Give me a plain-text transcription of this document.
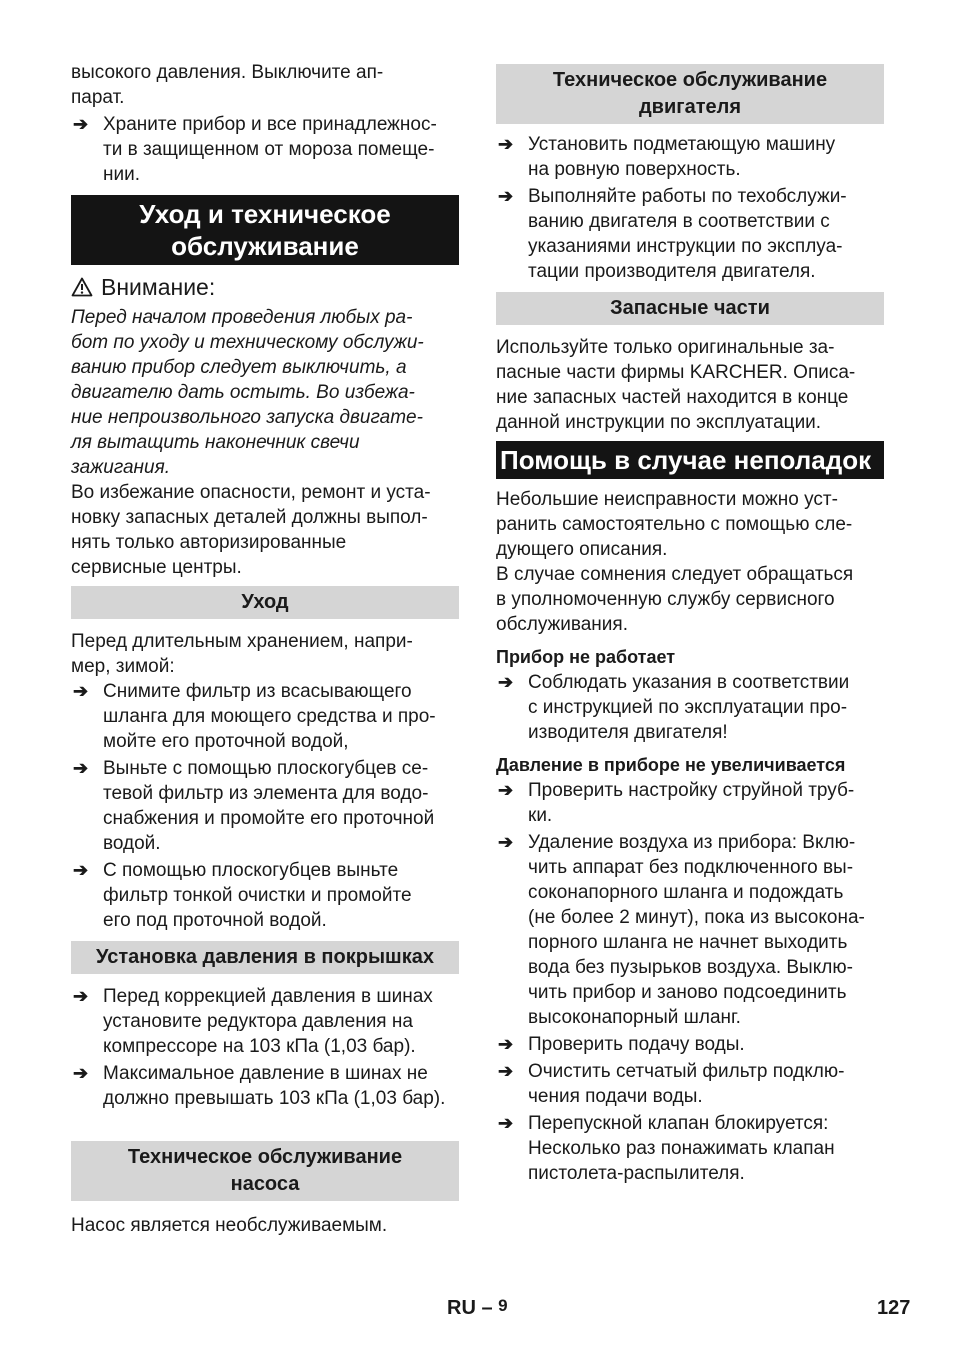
высокого давления. Выключите ап-
парат.

➔ Храните прибор и все принадлежнос-
ти в защищенном от мороза помеще-
нии.
Уход и техническое
обслуживание
Внимание:

Перед началом проведения любых ра-
бот по уходу и техническому обслужи-
ванию прибор следует выключить, а
двигателю дать остыть. Во избежа-
ние непроизвольного запуска двигате-
ля вытащить наконечник свечи
зажигания.

Во избежание опасности, ремонт и уста-
новку запасных деталей должны выпол-
нять только авторизированные
сервисные центры.

Уход

Перед длительным хранением, напри-
мер, зимой:

➔ Снимите фильтр из всасывающего
шланга для моющего средства и про-
мойте его проточной водой,
➔ Выньте с помощью плоскогубцев се-
тевой фильтр из элемента для водо-
снабжения и промойте его проточной
водой.
➔ С помощью плоскогубцев выньте
фильтр тонкой очистки и промойте
его под проточной водой.
Установка давления в покрышках
➔ Перед коррекцией давления в шинах
установите редуктора давления на
компрессоре на 103 кПа (1,03 бар).
➔ Максимальное давление в шинах не
должно превышать 103 кПа (1,03 бар).
Техническое обслуживание
насоса

Насос является необслуживаемым.

Техническое обслуживание
двигателя
➔ Установить подметающую машину
на ровную поверхность.
➔ Выполняйте работы по техобслужи-
ванию двигателя в соответствии с
указаниями инструкции по эксплуа-
тации производителя двигателя.
Запасные части

Используйте только оригинальные за-
пасные части фирмы KARCHER. Описа-
ние запасных частей находится в конце
данной инструкции по эксплуатации.

Помощь в случае неполадок

Небольшие неисправности можно уст-
ранить самостоятельно с помощью сле-
дующего описания.

В случае сомнения следует обращаться
в уполномоченную службу сервисного
обслуживания.

Прибор не работает
➔ Соблюдать указания в соответствии
с инструкцией по эксплуатации про-
изводителя двигателя!
Давление в приборе не увеличивается
➔ Проверить настройку струйной труб-
ки.
➔ Удаление воздуха из прибора: Вклю-
чить аппарат без подключенного вы-
соконапорного шланга и подождать
(не более 2 минут), пока из высокона-
порного шланга не начнет выходить
вода без пузырьков воздуха. Выклю-
чить прибор и заново подсоединить
высоконапорный шланг.
➔ Проверить подачу воды.
➔ Очистить сетчатый фильтр подклю-
чения подачи воды.
➔ Перепускной клапан блокируется:
Несколько раз понажимать клапан
пистолета-распылителя.
RU – 9	127
